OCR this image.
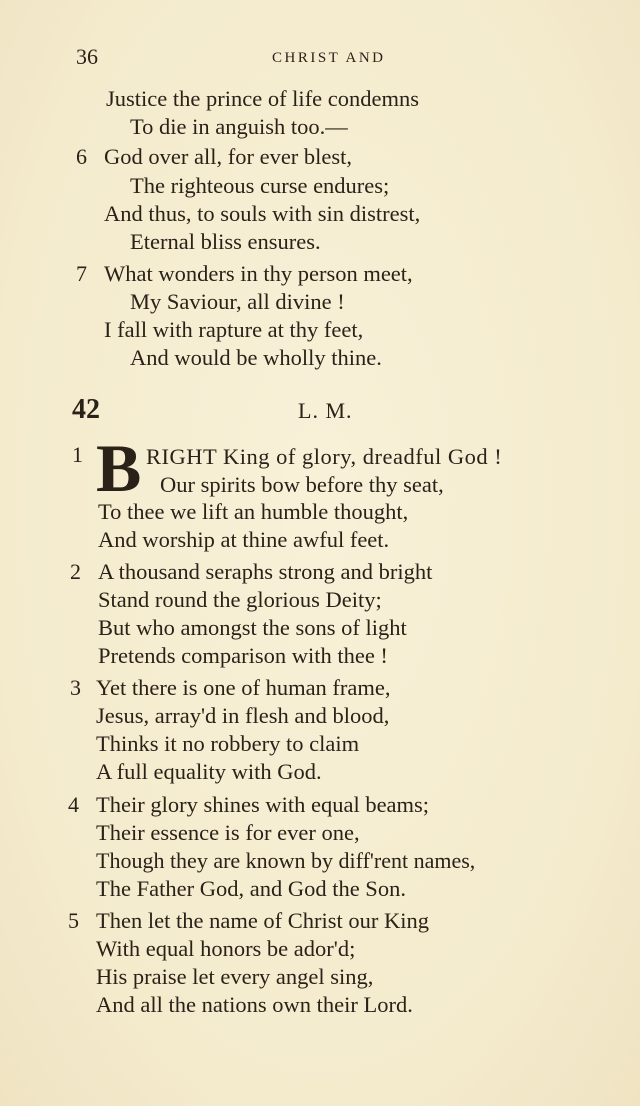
36	CHRIST AND
Justice the prince of life condemns
To die in anguish too.—
6 God over all, for ever blest,
The righteous curse endures;
And thus, to souls with sin distrest,
Eternal bliss ensures.
7 What wonders in thy person meet,
My Saviour, all divine !
I fall with rapture at thy feet,
And would be wholly thine.
42	L. M.
1 B RIGHT King of glory, dreadful God !
Our spirits bow before thy seat,
To thee we lift an humble thought,
And worship at thine awful feet.
2 A thousand seraphs strong and bright
Stand round the glorious Deity;
But who amongst the sons of light
Pretends comparison with thee !
3 Yet there is one of human frame,
Jesus, array'd in flesh and blood,
Thinks it no robbery to claim
A full equality with God.
4 Their glory shines with equal beams;
Their essence is for ever one,
Though they are known by diff'rent names,
The Father God, and God the Son.
5 Then let the name of Christ our King
With equal honors be ador'd;
His praise let every angel sing,
And all the nations own their Lord.
